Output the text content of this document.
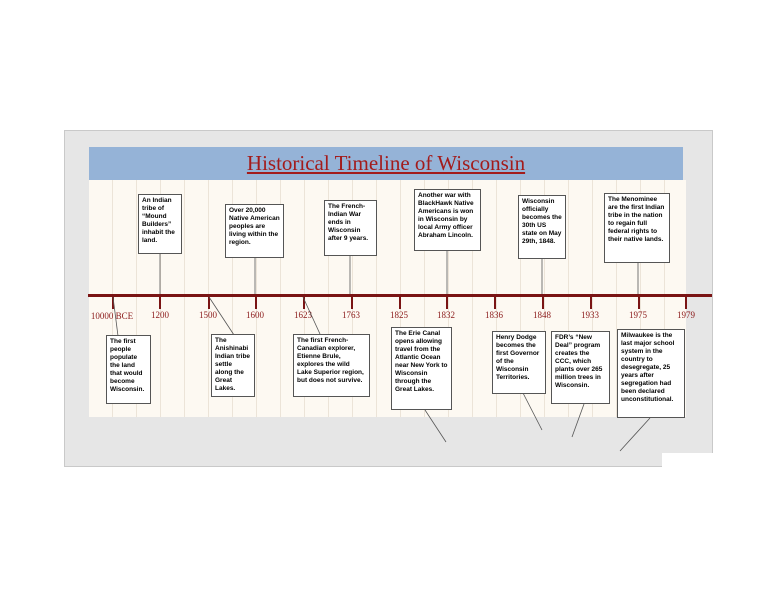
Historical Timeline of Wisconsin
10000 BCE 1200	1500	1600	1623	1763	1825	1832	1836	1848	1933	1975	1979
An Indian tribe of “Mound Builders” inhabit the land.
Over 20,000 Native American peoples are living within the region.
The French-Indian War ends in Wisconsin after 9 years.
Another war with BlackHawk Native Americans is won in Wisconsin by local Army officer Abraham Lincoln.
Wisconsin officially becomes the 30th US state on May 29th, 1848.
The Menominee are the first Indian tribe in the nation to regain full federal rights to their native lands.
The first people populate the land that would become Wisconsin.
The Anishinabi Indian tribe settle along the Great Lakes.
The first French-Canadian explorer, Etienne Brule, explores the wild Lake Superior region, but does not survive.
The Erie Canal opens allowing travel from the Atlantic Ocean near New York to Wisconsin through the Great Lakes.
Henry Dodge becomes the first Governor of the Wisconsin Territories.
FDR’s “New Deal” program creates the CCC, which plants over 265 million trees in Wisconsin.
Milwaukee is the last major school system in the country to desegregate, 25 years after segregation had been declared unconstitutional.
